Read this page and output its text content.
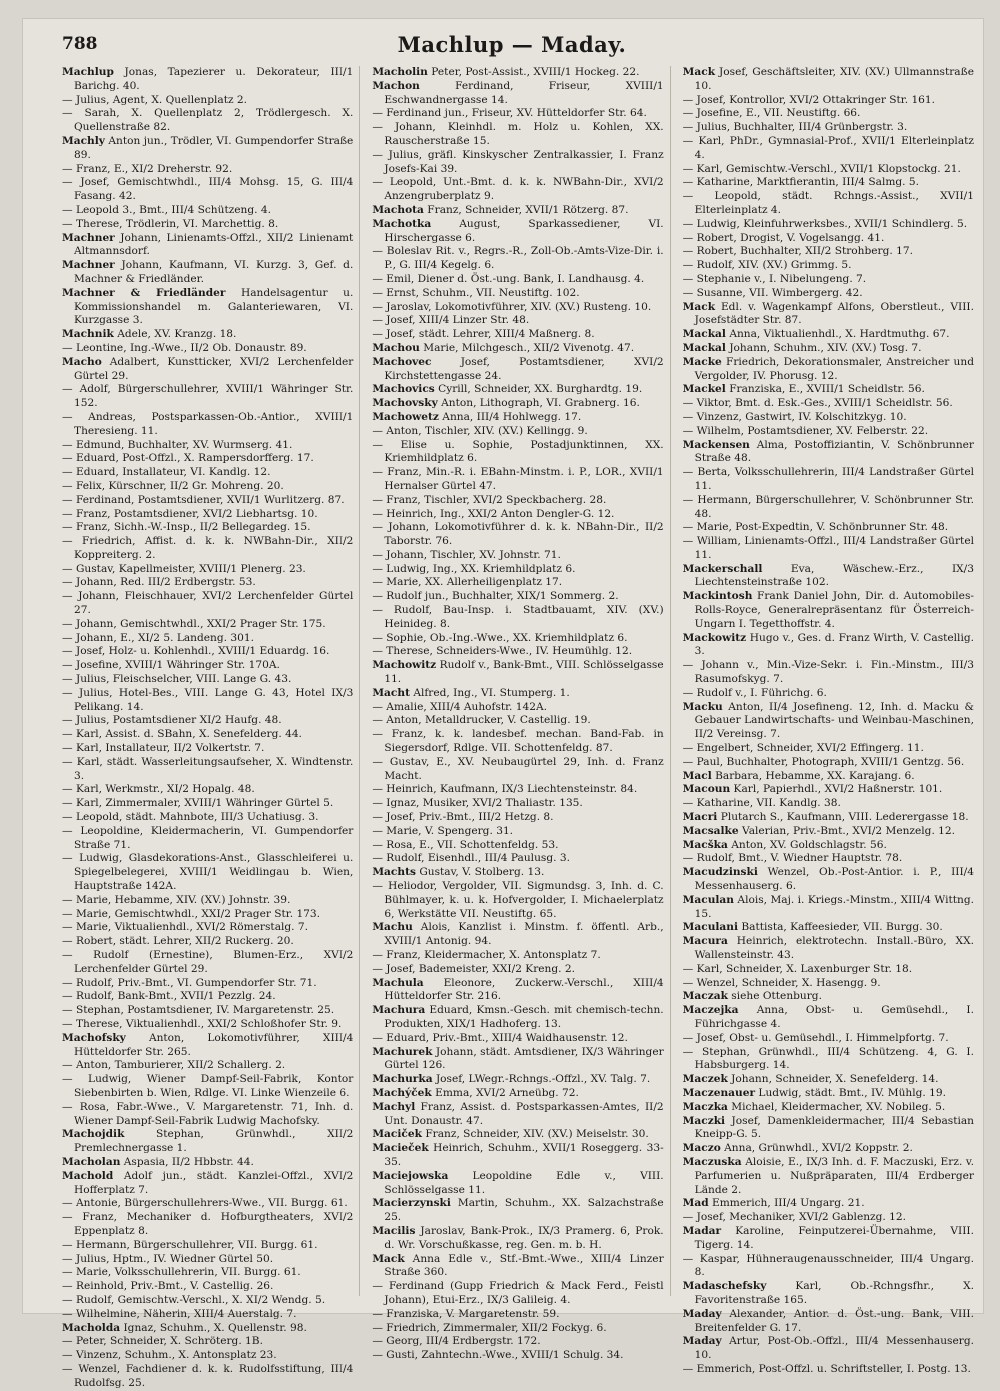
788	Machlup — Maday.

Machlup Jonas, Tapezierer u. Dekorateur, III/1 Barichg. 40.

— Julius, Agent, X. Quellenplatz 2.

— Sarah, X. Quellenplatz 2, Trödlergesch. X. Quellenstraße 82.

Machly Anton jun., Trödler, VI. Gumpendorfer Straße 89.

— Franz, E., XI/2 Dreherstr. 92.

— Josef, Gemischtwhdl., III/4 Mohsg. 15, G. III/4 Fasang. 42.

— Leopold 3., Bmt., III/4 Schützeng. 4.

— Therese, Trödlerin, VI. Marchettig. 8.

Machner Johann, Linienamts-Offzl., XII/2 Linienamt Altmannsdorf.

Machner Johann, Kaufmann, VI. Kurzg. 3, Gef. d. Machner & Friedländer.

Machner & Friedländer Handelsagentur u. Kommissionshandel m. Galanteriewaren, VI. Kurzgasse 3.

Machnik Adele, XV. Kranzg. 18.

— Leontine, Ing.-Wwe., II/2 Ob. Donaustr. 89.

Macho Adalbert, Kunstticker, XVI/2 Lerchenfelder Gürtel 29.

— Adolf, Bürgerschullehrer, XVIII/1 Währinger Str. 152.

— Andreas, Postsparkassen-Ob.-Antior., XVIII/1 Theresieng. 11.

— Edmund, Buchhalter, XV. Wurmserg. 41.

— Eduard, Post-Offzl., X. Rampersdorfferg. 17.

— Eduard, Installateur, VI. Kandlg. 12.

— Felix, Kürschner, II/2 Gr. Mohreng. 20.

— Ferdinand, Postamtsdiener, XVII/1 Wurlitzerg. 87.

— Franz, Postamtsdiener, XVI/2 Liebhartsg. 10.

— Franz, Sichh.-W.-Insp., II/2 Bellegardeg. 15.

— Friedrich, Affist. d. k. k. NWBahn-Dir., XII/2 Koppreiterg. 2.

— Gustav, Kapellmeister, XVIII/1 Plenerg. 23.

— Johann, Red. III/2 Erdbergstr. 53.

— Johann, Fleischhauer, XVI/2 Lerchenfelder Gürtel 27.

— Johann, Gemischtwhdl., XXI/2 Prager Str. 175.

— Johann, E., XI/2 5. Landeng. 301.

— Josef, Holz- u. Kohlenhdl., XVIII/1 Eduardg. 16.

— Josefine, XVIII/1 Währinger Str. 170A.

— Julius, Fleischselcher, VIII. Lange G. 43.

— Julius, Hotel-Bes., VIII. Lange G. 43, Hotel IX/3 Pelikang. 14.

— Julius, Postamtsdiener XI/2 Haufg. 48.

— Karl, Assist. d. SBahn, X. Senefelderg. 44.

— Karl, Installateur, II/2 Volkertstr. 7.

— Karl, städt. Wasserleitungsaufseher, X. Windtenstr. 3.

— Karl, Werkmstr., XI/2 Hopalg. 48.

— Karl, Zimmermaler, XVIII/1 Währinger Gürtel 5.

— Leopold, städt. Mahnbote, III/3 Uchatiusg. 3.

— Leopoldine, Kleidermacherin, VI. Gumpendorfer Straße 71.

— Ludwig, Glasdekorations-Anst., Glasschleiferei u. Spiegelbelegerei, XVIII/1 Weidlingau b. Wien, Hauptstraße 142A.

— Marie, Hebamme, XIV. (XV.) Johnstr. 39.

— Marie, Gemischtwhdl., XXI/2 Prager Str. 173.

— Marie, Viktualienhdl., XVI/2 Römerstalg. 7.

— Robert, städt. Lehrer, XII/2 Ruckerg. 20.

— Rudolf (Ernestine), Blumen-Erz., XVI/2 Lerchenfelder Gürtel 29.

— Rudolf, Priv.-Bmt., VI. Gumpendorfer Str. 71.

— Rudolf, Bank-Bmt., XVII/1 Pezzlg. 24.

— Stephan, Postamtsdiener, IV. Margaretenstr. 25.

— Therese, Viktualienhdl., XXI/2 Schloßhofer Str. 9.

Machofsky Anton, Lokomotivführer, XIII/4 Hütteldorfer Str. 265.

— Anton, Tamburierer, XII/2 Schallerg. 2.

— Ludwig, Wiener Dampf-Seil-Fabrik, Kontor Siebenbirten b. Wien, Rdlge. VI. Linke Wienzeile 6.

— Rosa, Fabr.-Wwe., V. Margaretenstr. 71, Inh. d. Wiener Dampf-Seil-Fabrik Ludwig Machofsky.

Machojdik	Stephan, Grünwhdl., XII/2 Premlechnergasse 1.

Macholan Aspasia, II/2 Hbbstr. 44.

Machold Adolf jun., städt. Kanzlei-Offzl., XVI/2 Hofferplatz 7.

— Antonie, Bürgerschullehrers-Wwe., VII. Burgg. 61.

— Franz, Mechaniker d. Hofburgtheaters, XVI/2 Eppenplatz 8.

— Hermann, Bürgerschullehrer, VII. Burgg. 61.

— Julius, Hptm., IV. Wiedner Gürtel 50.

— Marie, Volksschullehrerin, VII. Burgg. 61.

— Reinhold, Priv.-Bmt., V. Castellig. 26.

— Rudolf, Gemischtw.-Verschl., X. XI/2 Wendg. 5.

— Wilhelmine, Näherin, XIII/4 Auerstalg. 7.

Macholda Ignaz, Schuhm., X. Quellenstr. 98.

— Peter, Schneider, X. Schröterg. 1B.

— Vinzenz, Schuhm., X. Antonsplatz 23.

— Wenzel, Fachdiener d. k. k. Rudolfsstiftung, III/4 Rudolfsg. 25.

Macholin Peter, Post-Assist., XVIII/1 Hockeg. 22.

Machon	Ferdinand, Friseur, XVIII/1 Eschwandnergasse 14.

— Ferdinand jun., Friseur, XV. Hütteldorfer Str. 64.

— Johann, Kleinhdl. m. Holz u. Kohlen, XX. Rauscherstraße 15.

— Julius, gräfl. Kinskyscher Zentralkassier, I. Franz Josefs-Kai 39.

— Leopold, Unt.-Bmt. d. k. k. NWBahn-Dir., XVI/2 Anzengruberplatz 9.

Machota Franz, Schneider, XVII/1 Rötzerg. 87.

Machotka	August, Sparkassediener, VI. Hirschergasse 6.

— Boleslav Rit. v., Regrs.-R., Zoll-Ob.-Amts-Vize-Dir. i. P., G. III/4 Kegelg. 6.

— Emil, Diener d. Öst.-ung. Bank, I. Landhausg. 4.

— Ernst, Schuhm., VII. Neustiftg. 102.

— Jaroslav, Lokomotivführer, XIV. (XV.) Rusteng. 10.

— Josef, XIII/4 Linzer Str. 48.

— Josef, städt. Lehrer, XIII/4 Maßnerg. 8.

Machou Marie, Milchgesch., XII/2 Vivenotg. 47.

Machovec	Josef, Postamtsdiener, XVI/2 Kirchstettengasse 24.

Machovics Cyrill, Schneider, XX. Burghardtg. 19.

Machovsky Anton, Lithograph, VI. Grabnerg. 16.

Machowetz Anna, III/4 Hohlwegg. 17.

— Anton, Tischler, XIV. (XV.) Kellingg. 9.

— Elise u. Sophie, Postadjunktinnen, XX. Kriemhildplatz 6.

— Franz, Min.-R. i. EBahn-Minstm. i. P., LOR., XVII/1 Hernalser Gürtel 47.

— Franz, Tischler, XVI/2 Speckbacherg. 28.

— Heinrich, Ing., XXI/2 Anton Dengler-G. 12.

— Johann, Lokomotivführer d. k. k. NBahn-Dir., II/2 Taborstr. 76.

— Johann, Tischler, XV. Johnstr. 71.

— Ludwig, Ing., XX. Kriemhildplatz 6.

— Marie, XX. Allerheiligenplatz 17.

— Rudolf jun., Buchhalter, XIX/1 Sommerg. 2.

— Rudolf, Bau-Insp. i. Stadtbauamt, XIV. (XV.) Heinideg. 8.

— Sophie, Ob.-Ing.-Wwe., XX. Kriemhildplatz 6.

— Therese, Schneiders-Wwe., IV. Heumühlg. 12.

Machowitz Rudolf v., Bank-Bmt., VIII. Schlösselgasse 11.

Macht Alfred, Ing., VI. Stumperg. 1.

— Amalie, XIII/4 Auhofstr. 142A.

— Anton, Metalldrucker, V. Castellig. 19.

— Franz, k. k. landesbef. mechan. Band-Fab. in Siegersdorf, Rdlge. VII. Schottenfeldg. 87.

— Gustav, E., XV. Neubaugürtel 29, Inh. d. Franz Macht.

— Heinrich, Kaufmann, IX/3 Liechtensteinstr. 84.

— Ignaz, Musiker, XVI/2 Thaliastr. 135.

— Josef, Priv.-Bmt., III/2 Hetzg. 8.

— Marie, V. Spengerg. 31.

— Rosa, E., VII. Schottenfeldg. 53.

— Rudolf, Eisenhdl., III/4 Paulusg. 3.

Machts Gustav, V. Stolberg. 13.

— Heliodor, Vergolder, VII. Sigmundsg. 3, Inh. d. C. Bühlmayer, k. u. k. Hofvergolder, I. Michaelerplatz 6, Werkstätte VII. Neustiftg. 65.

Machu Alois, Kanzlist i. Minstm. f. öffentl. Arb., XVIII/1 Antonig. 94.

— Franz, Kleidermacher, X. Antonsplatz 7.

— Josef, Bademeister, XXI/2 Kreng. 2.

Machula Eleonore, Zuckerw.-Verschl., XIII/4 Hütteldorfer Str. 216.

Machura Eduard, Kmsn.-Gesch. mit chemisch-techn. Produkten, XIX/1 Hadhoferg. 13.

— Eduard, Priv.-Bmt., XIII/4 Waidhausenstr. 12.

Machurek Johann, städt. Amtsdiener, IX/3 Währinger Gürtel 126.

Machurka Josef, LWegr.-Rchngs.-Offzl., XV. Talg. 7.

Machýček Emma, XVI/2 Arneübg. 72.

Machyl Franz, Assist. d. Postsparkassen-Amtes, II/2 Unt. Donaustr. 47.

Maciček Franz, Schneider, XIV. (XV.) Meiselstr. 30.

Macieček Heinrich, Schuhm., XVII/1 Roseggerg. 33-35.

Maciejowska Leopoldine Edle v., VIII. Schlösselgasse 11.

Macierzynski Martin, Schuhm., XX. Salzachstraße 25.

Macilis Jaroslav, Bank-Prok., IX/3 Pramerg. 6, Prok. d. Wr. Vorschußkasse, reg. Gen. m. b. H.

Mack Anna Edle v., Stf.-Bmt.-Wwe., XIII/4 Linzer Straße 360.

— Ferdinand (Gupp Friedrich & Mack Ferd., Feistl Johann), Etui-Erz., IX/3 Galileig. 4.

— Franziska, V. Margaretenstr. 59.

— Friedrich, Zimmermaler, XII/2 Fockyg. 6.

— Georg, III/4 Erdbergstr. 172.

— Gusti, Zahntechn.-Wwe., XVIII/1 Schulg. 34.

Mack Josef, Geschäftsleiter, XIV. (XV.) Ullmannstraße 10.

— Josef, Kontrollor, XVI/2 Ottakringer Str. 161.

— Josefine, E., VII. Neustiftg. 66.

— Julius, Buchhalter, III/4 Grünbergstr. 3.

— Karl, PhDr., Gymnasial-Prof., XVII/1 Elterleinplatz 4.

— Karl, Gemischtw.-Verschl., XVII/1 Klopstockg. 21.

— Katharine, Marktfierantin, III/4 Salmg. 5.

— Leopold, städt. Rchngs.-Assist., XVII/1 Elterleinplatz 4.

— Ludwig, Kleinfuhrwerksbes., XVII/1 Schindlerg. 5.

— Robert, Drogist, V. Vogelsangg. 41.

— Robert, Buchhalter, XII/2 Strohberg. 17.

— Rudolf, XIV. (XV.) Grimmg. 5.

— Stephanie v., I. Nibelungeng. 7.

— Susanne, VII. Wimbergerg. 42.

Mack Edl. v. Wagenkampf Alfons, Oberstleut., VIII. Josefstädter Str. 87.

Mackal Anna, Viktualienhdl., X. Hardtmuthg. 67.

Mackal Johann, Schuhm., XIV. (XV.) Tosg. 7.

Macke Friedrich, Dekorationsmaler, Anstreicher und Vergolder, IV. Phorusg. 12.

Mackel Franziska, E., XVIII/1 Scheidlstr. 56.

— Viktor, Bmt. d. Esk.-Ges., XVIII/1 Scheidlstr. 56.

— Vinzenz, Gastwirt, IV. Kolschitzkyg. 10.

— Wilhelm, Postamtsdiener, XV. Felberstr. 22.

Mackensen Alma, Postoffiziantin, V. Schönbrunner Straße 48.

— Berta, Volksschullehrerin, III/4 Landstraßer Gürtel 11.

— Hermann, Bürgerschullehrer, V. Schönbrunner Str. 48.

— Marie, Post-Expedtin, V. Schönbrunner Str. 48.

— William, Linienamts-Offzl., III/4 Landstraßer Gürtel 11.

Mackerschall	Eva, Wäschew.-Erz., IX/3 Liechtensteinstraße 102.

Mackintosh Frank Daniel John, Dir. d. Automobiles-Rolls-Royce, Generalrepräsentanz für Österreich-Ungarn I. Tegetthoffstr. 4.

Mackowitz Hugo v., Ges. d. Franz Wirth, V. Castellig. 3.

— Johann v., Min.-Vize-Sekr. i. Fin.-Minstm., III/3 Rasumofskyg. 7.

— Rudolf v., I. Führichg. 6.

Macku Anton, II/4 Josefineng. 12, Inh. d. Macku & Gebauer Landwirtschafts- und Weinbau-Maschinen, II/2 Vereinsg. 7.

— Engelbert, Schneider, XVI/2 Effingerg. 11.

— Paul, Buchhalter, Photograph, XVIII/1 Gentzg. 56.

Macl Barbara, Hebamme, XX. Karajang. 6.

Macoun Karl, Papierhdl., XVI/2 Haßnerstr. 101.

— Katharine, VII. Kandlg. 38.

Macri Plutarch S., Kaufmann, VIII. Lederergasse 18.

Macsalke Valerian, Priv.-Bmt., XVI/2 Menzelg. 12.

Macška Anton, XV. Goldschlagstr. 56.

— Rudolf, Bmt., V. Wiedner Hauptstr. 78.

Macudzinski Wenzel, Ob.-Post-Antior. i. P., III/4 Messenhauserg. 6.

Maculan Alois, Maj. i. Kriegs.-Minstm., XIII/4 Wittng. 15.

Maculani Battista, Kaffeesieder, VII. Burgg. 30.

Macura Heinrich, elektrotechn. Install.-Büro, XX. Wallensteinstr. 43.

— Karl, Schneider, X. Laxenburger Str. 18.

— Wenzel, Schneider, X. Hasengg. 9.

Maczak siehe Ottenburg.

Maczejka Anna, Obst- u. Gemüsehdl., I. Führichgasse 4.

— Josef, Obst- u. Gemüsehdl., I. Himmelpfortg. 7.

— Stephan, Grünwhdl., III/4 Schützeng. 4, G. I. Habsburgerg. 14.

Maczek Johann, Schneider, X. Senefelderg. 14.

Maczenauer Ludwig, städt. Bmt., IV. Mühlg. 19.

Maczka Michael, Kleidermacher, XV. Nobileg. 5.

Maczki Josef, Damenkleidermacher, III/4 Sebastian Kneipp-G. 5.

Maczo Anna, Grünwhdl., XVI/2 Koppstr. 2.

Maczuska Aloisie, E., IX/3 Inh. d. F. Maczuski, Erz. v. Parfumerien u. Nußpräparaten, III/4 Erdberger Lände 2.

Mad Emmerich, III/4 Ungarg. 21.

— Josef, Mechaniker, XVI/2 Gablenzg. 12.

Madar Karoline, Feinputzerei-Übernahme, VIII. Tigerg. 14.

— Kaspar, Hühneraugenausschneider, III/4 Ungarg. 8.

Madaschefsky	Karl, Ob.-Rchngsfhr., X. Favoritenstraße 165.

Maday Alexander, Antior. d. Öst.-ung. Bank, VIII. Breitenfelder G. 17.

Maday Artur, Post-Ob.-Offzl., III/4 Messenhauserg. 10.

— Emmerich, Post-Offzl. u. Schriftsteller, I. Postg. 13.
